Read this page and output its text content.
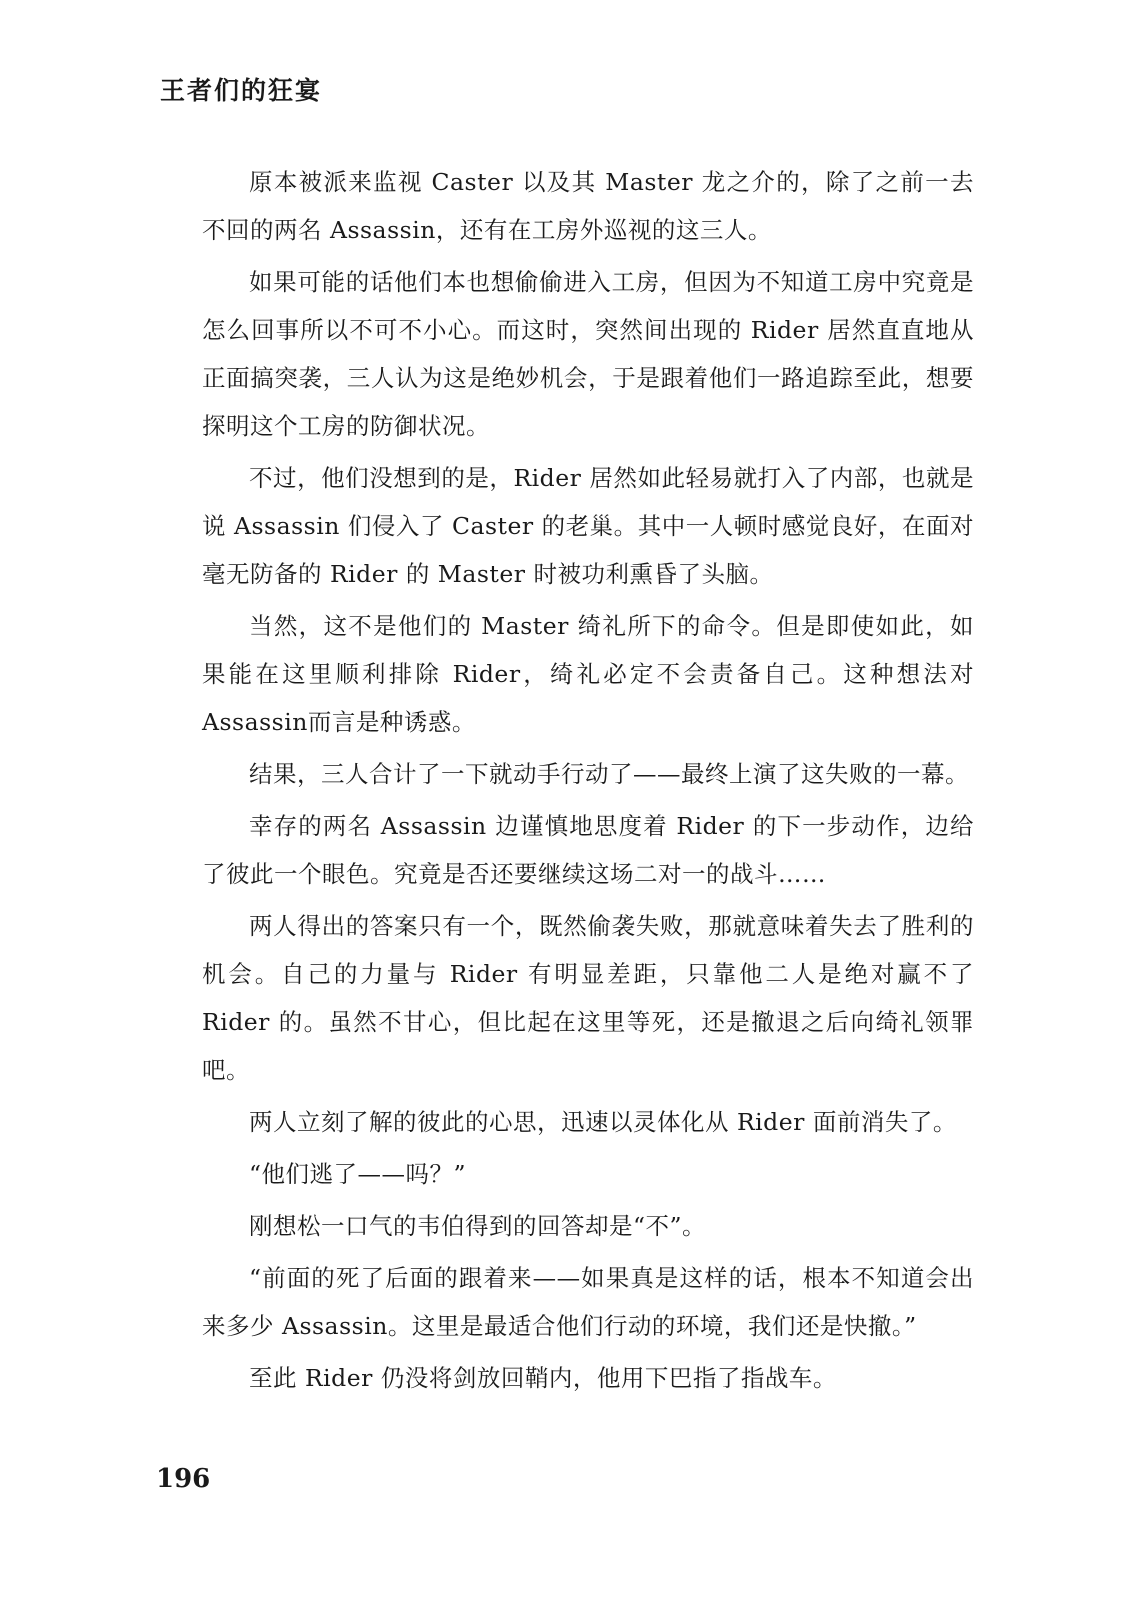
王者们的狂宴

原本被派来监视 Caster 以及其 Master 龙之介的，除了之前一去不回的两名 Assassin，还有在工房外巡视的这三人。

如果可能的话他们本也想偷偷进入工房，但因为不知道工房中究竟是怎么回事所以不可不小心。而这时，突然间出现的 Rider 居然直直地从正面搞突袭，三人认为这是绝妙机会，于是跟着他们一路追踪至此，想要探明这个工房的防御状况。

不过，他们没想到的是，Rider 居然如此轻易就打入了内部，也就是说 Assassin 们侵入了 Caster 的老巢。其中一人顿时感觉良好，在面对毫无防备的 Rider 的 Master 时被功利熏昏了头脑。

当然，这不是他们的 Master 绮礼所下的命令。但是即使如此，如果能在这里顺利排除 Rider，绮礼必定不会责备自己。这种想法对Assassin而言是种诱惑。

结果，三人合计了一下就动手行动了——最终上演了这失败的一幕。

幸存的两名 Assassin 边谨慎地思度着 Rider 的下一步动作，边给了彼此一个眼色。究竟是否还要继续这场二对一的战斗……

两人得出的答案只有一个，既然偷袭失败，那就意味着失去了胜利的机会。自己的力量与 Rider 有明显差距，只靠他二人是绝对赢不了 Rider 的。虽然不甘心，但比起在这里等死，还是撤退之后向绮礼领罪吧。

两人立刻了解的彼此的心思，迅速以灵体化从 Rider 面前消失了。

“他们逃了——吗？”

刚想松一口气的韦伯得到的回答却是“不”。

“前面的死了后面的跟着来——如果真是这样的话，根本不知道会出来多少 Assassin。这里是最适合他们行动的环境，我们还是快撤。”

至此 Rider 仍没将剑放回鞘内，他用下巴指了指战车。

196
